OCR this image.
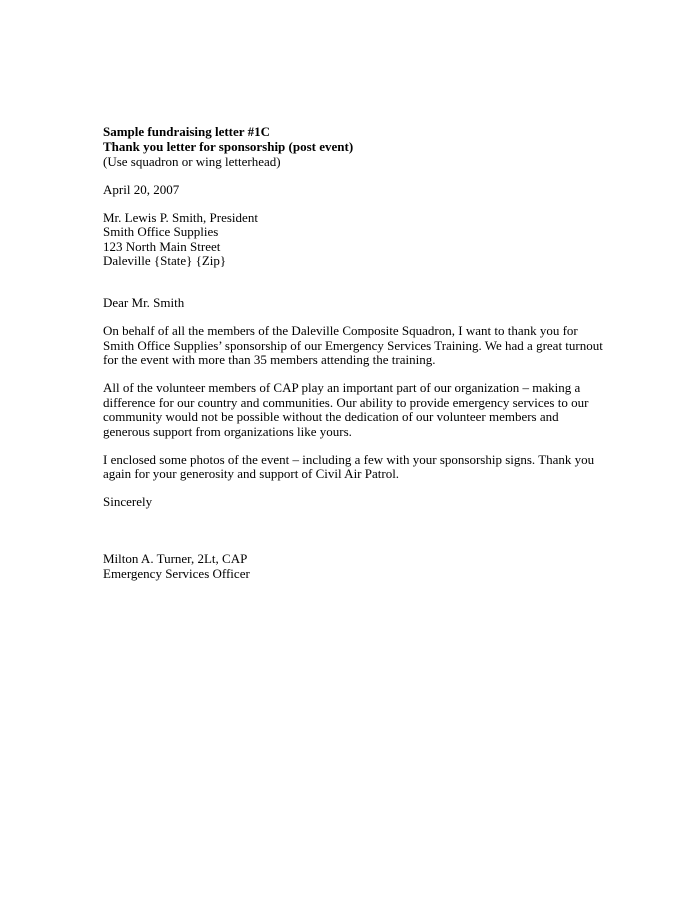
Sample fundraising letter #1C
Thank you letter for sponsorship (post event)
(Use squadron or wing letterhead)
April 20, 2007
Mr. Lewis P. Smith, President
Smith Office Supplies
123 North Main Street
Daleville {State} {Zip}
Dear Mr. Smith
On behalf of all the members of the Daleville Composite Squadron, I want to thank you for
Smith Office Supplies’ sponsorship of our Emergency Services Training. We had a great turnout
for the event with more than 35 members attending the training.
All of the volunteer members of CAP play an important part of our organization – making a
difference for our country and communities. Our ability to provide emergency services to our
community would not be possible without the dedication of our volunteer members and
generous support from organizations like yours.
I enclosed some photos of the event – including a few with your sponsorship signs. Thank you
again for your generosity and support of Civil Air Patrol.
Sincerely
Milton A. Turner, 2Lt, CAP
Emergency Services Officer
